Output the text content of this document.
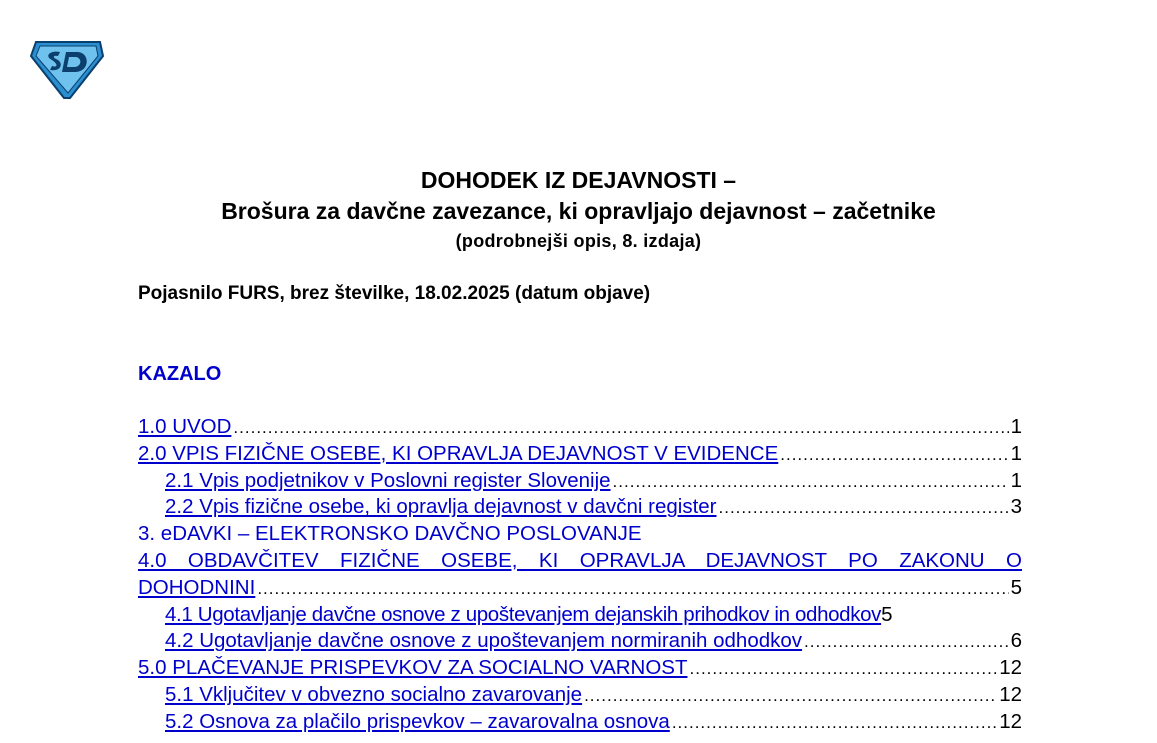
DOHODEK IZ DEJAVNOSTI –
Brošura za davčne zavezance, ki opravljajo dejavnost – začetnike
(podrobnejši opis, 8. izdaja)
Pojasnilo FURS, brez številke, 18.02.2025 (datum objave)
KAZALO
1.0 UVOD .....	1
2.0 VPIS FIZIČNE OSEBE, KI OPRAVLJA DEJAVNOST V EVIDENCE .....	1
2.1 Vpis podjetnikov v Poslovni register Slovenije .....	1
2.2 Vpis fizične osebe, ki opravlja dejavnost v davčni register .....	3
3. eDAVKI – ELEKTRONSKO DAVČNO POSLOVANJE
4.0 OBDAVČITEV FIZIČNE OSEBE, KI OPRAVLJA DEJAVNOST PO ZAKONU O
DOHODNINI .....	5
4.1 Ugotavljanje davčne osnove z upoštevanjem dejanskih prihodkov in odhodkov 5
4.2 Ugotavljanje davčne osnove z upoštevanjem normiranih odhodkov .....	6
5.0 PLAČEVANJE PRISPEVKOV ZA SOCIALNO VARNOST .....	12
5.1 Vključitev v obvezno socialno zavarovanje .....	12
5.2 Osnova za plačilo prispevkov – zavarovalna osnova .....	12
